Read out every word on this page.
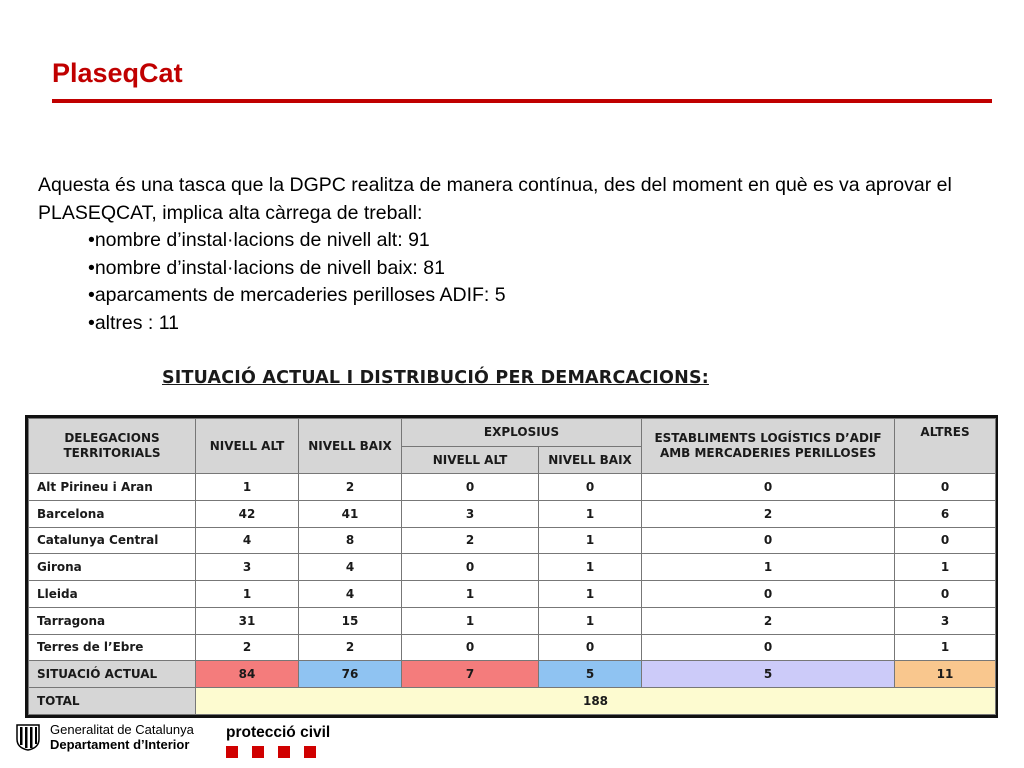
PlaseqCat

Aquesta és una tasca que la DGPC realitza de manera contínua, des del moment en què es va aprovar el PLASEQCAT, implica alta càrrega de treball:

•nombre d’instal·lacions de nivell alt: 91
•nombre d’instal·lacions de nivell baix: 81
•aparcaments de mercaderies perilloses ADIF: 5
•altres : 11
SITUACIÓ ACTUAL I DISTRIBUCIÓ PER DEMARCACIONS:
DELEGACIONS TERRITORIALS	NIVELL ALT	NIVELL BAIX	EXPLOSIUS		ESTABLIMENTS LOGÍSTICS D’ADIF AMB MERCADERIES PERILLOSES	ALTRES
			NIVELL ALT	NIVELL BAIX		
Alt Pirineu i Aran	1	2	0	0	0	0
Barcelona	42	41	3	1	2	6
Catalunya Central	4	8	2	1	0	0
Girona	3	4	0	1	1	1
Lleida	1	4	1	1	0	0
Tarragona	31	15	1	1	2	3
Terres de l’Ebre	2	2	0	0	0	1
SITUACIÓ ACTUAL	84	76	7	5	5	11
TOTAL	188					
Generalitat de Catalunya
Departament d’Interior
protecció civil
